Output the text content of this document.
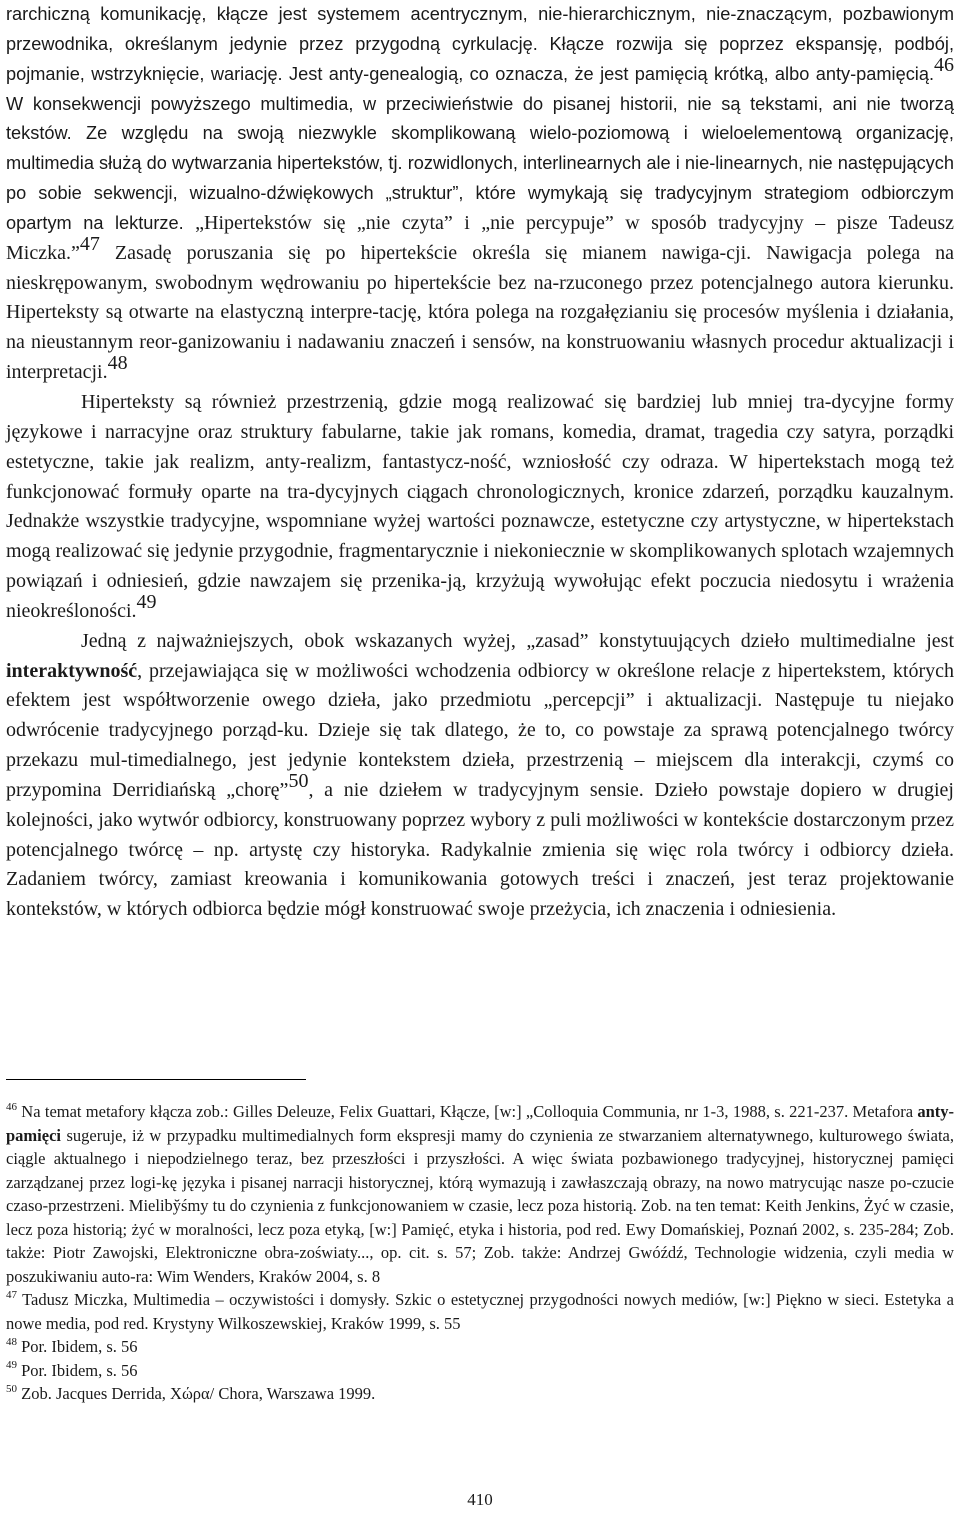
rarchiczną komunikację, kłącze jest systemem acentrycznym, nie-hierarchicznym, nie-znaczącym, pozbawionym przewodnika, określanym jedynie przez przygodną cyrkulację. Kłącze rozwija się poprzez ekspansję, podbój, pojmanie, wstrzyknięcie, wariację. Jest anty-genealogią, co oznacza, że jest pamięcią krótką, albo anty-pamięcią.$^{46}$ W konsekwencji powyższego multimedia, w przeciwieństwie do pisanej historii, nie są tekstami, ani nie tworzą tekstów. Ze względu na swoją niezwykle skomplikowaną wielo-poziomową i wieloelementową organizację, multimedia służą do wytwarzania hipertekstów, tj. rozwidlonych, interlinearnych ale i nie-linearnych, nie następujących po sobie sekwencji, wizualno-dźwiękowych „struktur”, które wymykają się tradycyjnym strategiom odbiorczym opartym na lekturze. „Hipertekstów się „nie czyta” i „nie percypuje” w sposób tradycyjny – pisze Tadeusz Miczka.”$^{47}$ Zasadę poruszania się po hipertekście określa się mianem nawiga-cji. Nawigacja polega na nieskrępowanym, swobodnym wędrowaniu po hipertekście bez na-rzuconego przez potencjalnego autora kierunku. Hiperteksty są otwarte na elastyczną interpre-tację, która polega na rozgałęzianiu się procesów myślenia i działania, na nieustannym reor-ganizowaniu i nadawaniu znaczeń i sensów, na konstruowaniu własnych procedur aktualizacji i interpretacji.$^{48}$

Hiperteksty są również przestrzenią, gdzie mogą realizować się bardziej lub mniej tra-dycyjne formy językowe i narracyjne oraz struktury fabularne, takie jak romans, komedia, dramat, tragedia czy satyra, porządki estetyczne, takie jak realizm, anty-realizm, fantastycz-ność, wzniosłość czy odraza. W hipertekstach mogą też funkcjonować formuły oparte na tra-dycyjnych ciągach chronologicznych, kronice zdarzeń, porządku kauzalnym. Jednakże wszystkie tradycyjne, wspomniane wyżej wartości poznawcze, estetyczne czy artystyczne, w hipertekstach mogą realizować się jedynie przygodnie, fragmentarycznie i niekoniecznie w skomplikowanych splotach wzajemnych powiązań i odniesień, gdzie nawzajem się przenika-ją, krzyżują wywołując efekt poczucia niedosytu i wrażenia nieokreśloności.$^{49}$

Jedną z najważniejszych, obok wskazanych wyżej, „zasad” konstytuujących dzieło multimedialne jest interaktywność, przejawiająca się w możliwości wchodzenia odbiorcy w określone relacje z hipertekstem, których efektem jest współtworzenie owego dzieła, jako przedmiotu „percepcji” i aktualizacji. Następuje tu niejako odwrócenie tradycyjnego porząd-ku. Dzieje się tak dlatego, że to, co powstaje za sprawą potencjalnego twórcy przekazu mul-timedialnego, jest jedynie kontekstem dzieła, przestrzenią – miejscem dla interakcji, czymś co przypomina Derridiańską „chorę”$^{50}$, a nie dziełem w tradycyjnym sensie. Dzieło powstaje dopiero w drugiej kolejności, jako wytwór odbiorcy, konstruowany poprzez wybory z puli możliwości w kontekście dostarczonym przez potencjalnego twórcę – np. artystę czy historyka. Radykalnie zmienia się więc rola twórcy i odbiorcy dzieła. Zadaniem twórcy, zamiast kreowania i komunikowania gotowych treści i znaczeń, jest teraz projektowanie kontekstów, w których odbiorca będzie mógł konstruować swoje przeżycia, ich znaczenia i odniesienia.

$^{46}$ Na temat metafory kłącza zob.: Gilles Deleuze, Felix Guattari, Kłącze, [w:] „Colloquia Communia, nr 1-3, 1988, s. 221-237. Metafora anty-pamięci sugeruje, iż w przypadku multimedialnych form ekspresji mamy do czynienia ze stwarzaniem alternatywnego, kulturowego świata, ciągle aktualnego i niepodzielnego teraz, bez przeszłości i przyszłości. A więc świata pozbawionego tradycyjnej, historycznej pamięci zarządzanej przez logi-kę języka i pisanej narracji historycznej, którą wymazują i zawłaszczają obrazy, na nowo matrycując nasze po-czucie czaso-przestrzeni. Mieliby̆śmy tu do czynienia z funkcjonowaniem w czasie, lecz poza historią. Zob. na ten temat: Keith Jenkins, Żyć w czasie, lecz poza historią; żyć w moralności, lecz poza etyką, [w:] Pamięć, etyka i historia, pod red. Ewy Domańskiej, Poznań 2002, s. 235-284; Zob. także: Piotr Zawojski, Elektroniczne obra-zoświaty..., op. cit. s. 57; Zob. także: Andrzej Gwóźdź, Technologie widzenia, czyli media w poszukiwaniu auto-ra: Wim Wenders, Kraków 2004, s. 8

$^{47}$ Tadusz Miczka, Multimedia – oczywistości i domysły. Szkic o estetycznej przygodności nowych mediów, [w:] Piękno w sieci. Estetyka a nowe media, pod red. Krystyny Wilkoszewskiej, Kraków 1999, s. 55

$^{48}$ Por. Ibidem, s. 56

$^{49}$ Por. Ibidem, s. 56

$^{50}$ Zob. Jacques Derrida, Xώρα/ Chora, Warszawa 1999.

410
